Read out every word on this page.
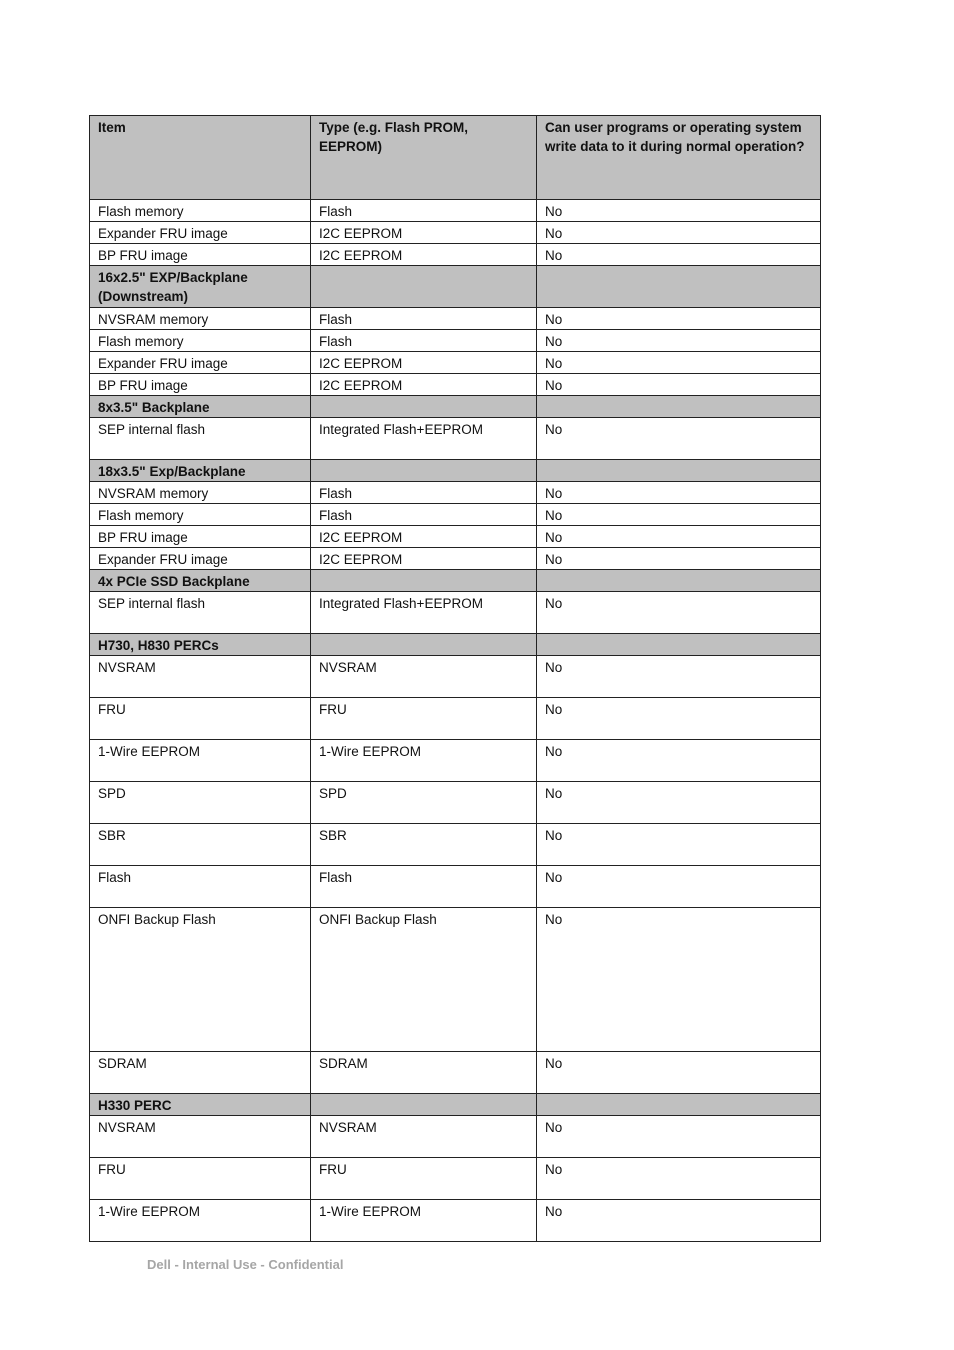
Item	Type (e.g. Flash PROM, EEPROM)	Can user programs or operating system write data to it during normal operation?
Flash memory	Flash	No
Expander FRU image	I2C EEPROM	No
BP FRU image	I2C EEPROM	No
16x2.5" EXP/Backplane (Downstream)		
NVSRAM memory	Flash	No
Flash memory	Flash	No
Expander FRU image	I2C EEPROM	No
BP FRU image	I2C EEPROM	No
8x3.5" Backplane		
SEP internal flash	Integrated Flash+EEPROM	No
18x3.5" Exp/Backplane		
NVSRAM memory	Flash	No
Flash memory	Flash	No
BP FRU image	I2C EEPROM	No
Expander FRU image	I2C EEPROM	No
4x PCIe SSD Backplane		
SEP internal flash	Integrated Flash+EEPROM	No
H730, H830 PERCs		
NVSRAM	NVSRAM	No
FRU	FRU	No
1-Wire EEPROM	1-Wire EEPROM	No
SPD	SPD	No
SBR	SBR	No
Flash	Flash	No
ONFI Backup Flash	ONFI Backup Flash	No
SDRAM	SDRAM	No
H330 PERC		
NVSRAM	NVSRAM	No
FRU	FRU	No
1-Wire EEPROM	1-Wire EEPROM	No
Dell - Internal Use - Confidential
